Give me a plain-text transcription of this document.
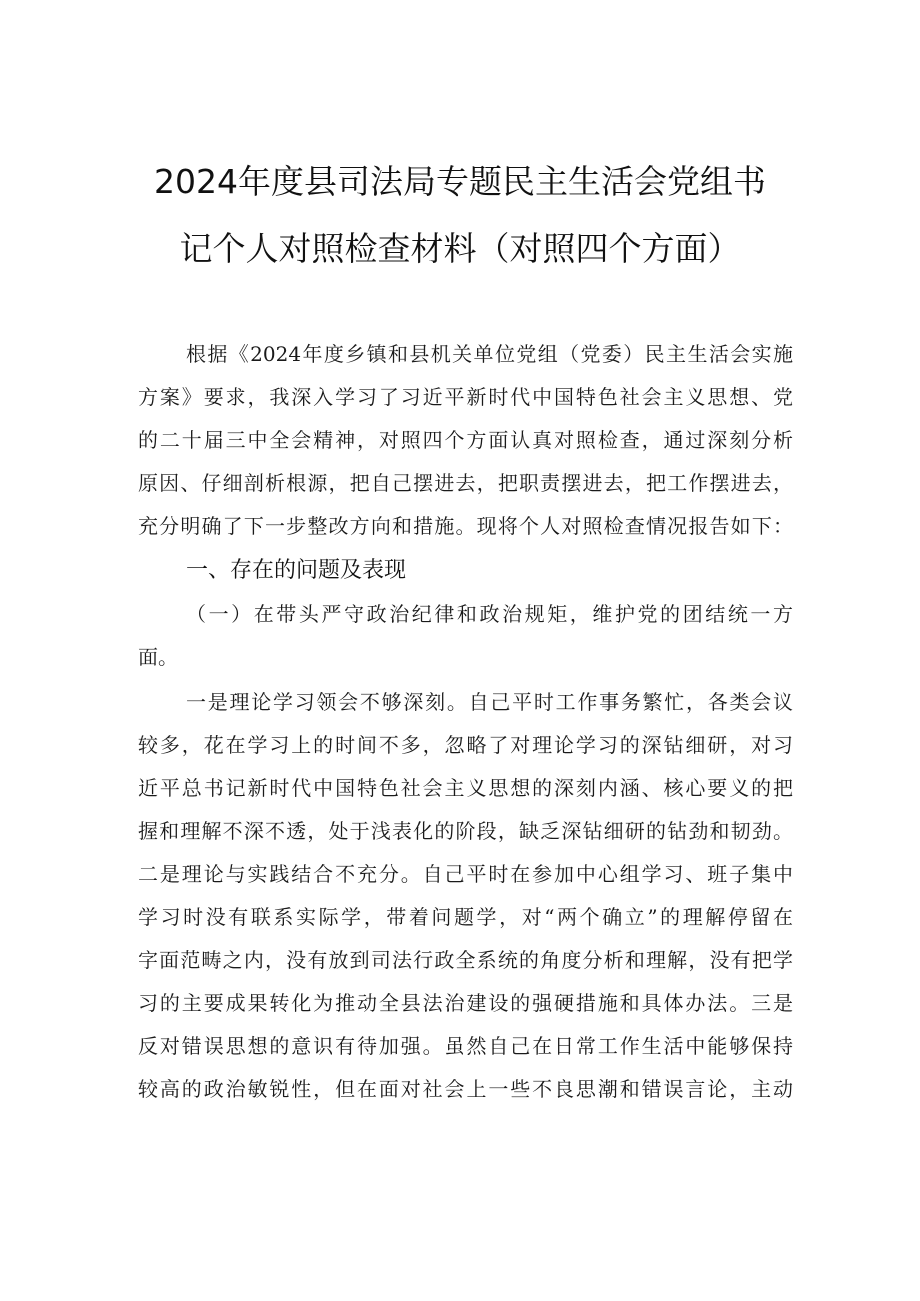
2024年度县司法局专题民主生活会党组书
记个人对照检查材料（对照四个方面）
根据《2024年度乡镇和县机关单位党组（党委）民主生活会实施
方案》要求，我深入学习了习近平新时代中国特色社会主义思想、党
的二十届三中全会精神，对照四个方面认真对照检查，通过深刻分析
原因、仔细剖析根源，把自己摆进去，把职责摆进去，把工作摆进去，
充分明确了下一步整改方向和措施。现将个人对照检查情况报告如下：
一、存在的问题及表现
（一）在带头严守政治纪律和政治规矩，维护党的团结统一方
面。
一是理论学习领会不够深刻。自己平时工作事务繁忙，各类会议
较多，花在学习上的时间不多，忽略了对理论学习的深钻细研，对习
近平总书记新时代中国特色社会主义思想的深刻内涵、核心要义的把
握和理解不深不透，处于浅表化的阶段，缺乏深钻细研的钻劲和韧劲。
二是理论与实践结合不充分。自己平时在参加中心组学习、班子集中
学习时没有联系实际学，带着问题学，对“两个确立”的理解停留在
字面范畴之内，没有放到司法行政全系统的角度分析和理解，没有把学
习的主要成果转化为推动全县法治建设的强硬措施和具体办法。三是
反对错误思想的意识有待加强。虽然自己在日常工作生活中能够保持
较高的政治敏锐性，但在面对社会上一些不良思潮和错误言论，主动
